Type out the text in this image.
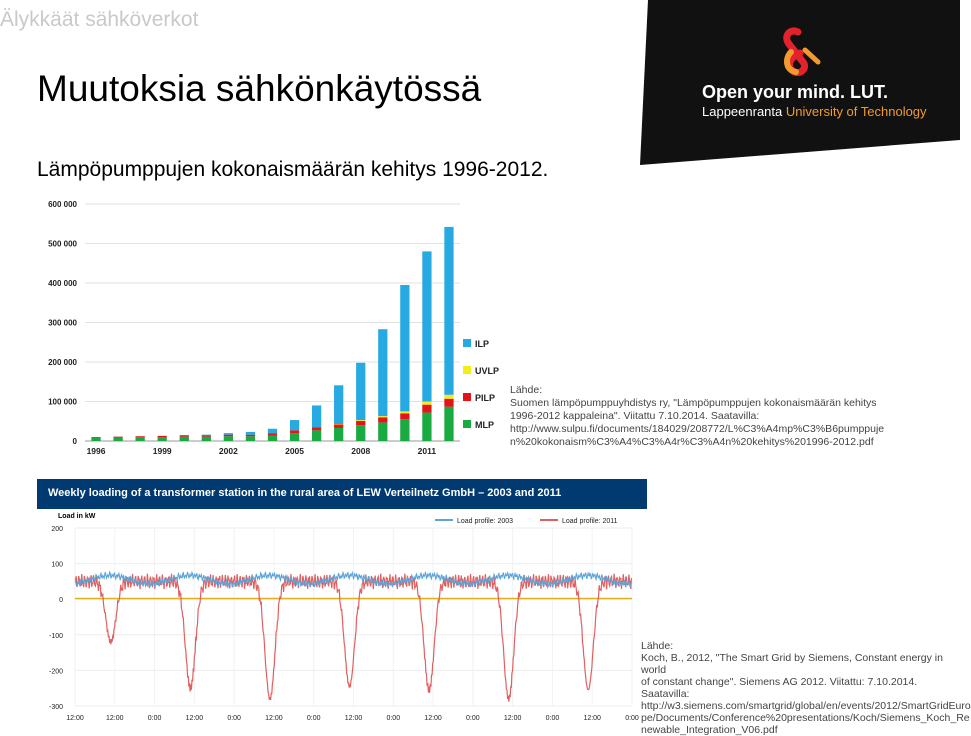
Älykkäät sähköverkot
Muutoksia sähkönkäytössä
Lämpöpumppujen kokonaismäärän kehitys 1996-2012.
Open your mind. LUT.
Lappeenranta University of Technology
600 000
500 000
400 000
300 000
200 000
100 000
0
1996	1999	2002	2005	2008	2011
ILP
UVLP
PILP
MLP
Lähde:
Suomen lämpöpumppuyhdistys ry, "Lämpöpumppujen kokonaismäärän kehitys
1996-2012 kappaleina". Viitattu 7.10.2014. Saatavilla:
http://www.sulpu.fi/documents/184029/208772/L%C3%A4mp%C3%B6pumppuje
n%20kokonaism%C3%A4%C3%A4r%C3%A4n%20kehitys%201996-2012.pdf
Weekly loading of a transformer station in the rural area of LEW Verteilnetz GmbH – 2003 and 2011
Load in kW
200
100
0
-100
-200
-300
12:00	12:00	0:00	12:00	0:00	12:00	0:00	12:00	0:00	12:00	0:00	12:00	0:00	12:00	0:00
Load profile: 2003	Load profile: 2011
Lähde:
Koch, B., 2012, "The Smart Grid by Siemens, Constant energy in world
of constant change". Siemens AG 2012. Viitattu: 7.10.2014. Saatavilla:
http://w3.siemens.com/smartgrid/global/en/events/2012/SmartGridEuro
pe/Documents/Conference%20presentations/Koch/Siemens_Koch_Re
newable_Integration_V06.pdf
